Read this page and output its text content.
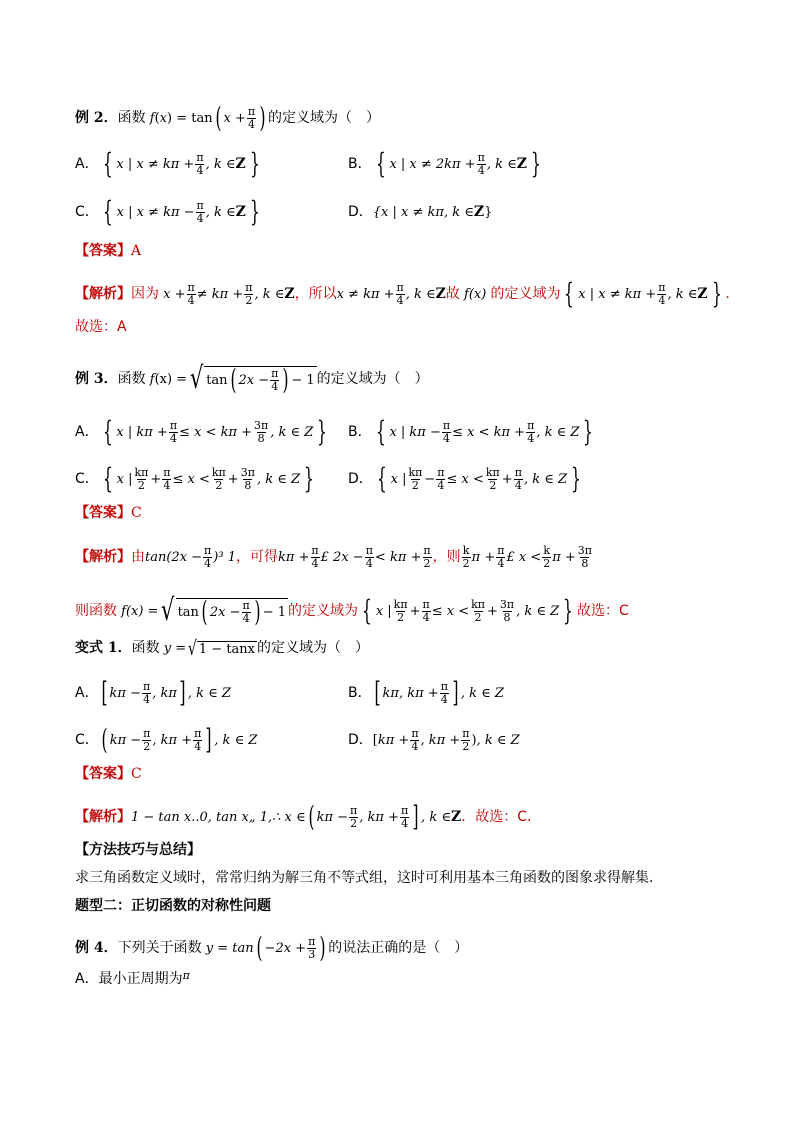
例 2． 函数 f ( x ) = tan ( $x + \frac{\pi}{4}$ ) 的定义域为（　）
A． { x | $x \ne k\pi + \frac{\pi}{4}$ , k ∈ Z }	B． { x | $x \ne 2k\pi + \frac{\pi}{4}$ , k ∈ Z }
C． { x | $x \ne k\pi - \frac{\pi}{4}$ , k ∈ Z }	D． {x | x ≠ kπ, k ∈ Z }
【答案】 A
【解析】 因为 $x + \frac{\pi}{4} \ne k\pi + \frac{\pi}{2}$ , k ∈ Z ，所以 $x \ne k\pi + \frac{\pi}{4}$ , k ∈ Z 故 f(x) 的定义域为 { x | $x \ne k\pi + \frac{\pi}{4}$ , k ∈ Z } .
故选：A
例 3． 函数 f (x) = √ tan ( $2x - \frac{\pi}{4}$ ) − 1 的定义域为（　）
A． { x | $k\pi + \frac{\pi}{4} \le x < k\pi + \frac{3\pi}{8}$ , k ∈ Z } B． { x | $k\pi - \frac{\pi}{4} \le x < k\pi + \frac{\pi}{4}$ , k ∈ Z }
C． { x | $\frac{k\pi}{2} + \frac{\pi}{4} \le x < \frac{k\pi}{2} + \frac{3\pi}{8}$ , k ∈ Z } D． { x | $\frac{k\pi}{2} - \frac{\pi}{4} \le x < \frac{k\pi}{2} + \frac{\pi}{4}$ , k ∈ Z }
【答案】 C
【解析】 由 $\tan(2x - \frac{\pi}{4} )^3$ 1 ，可得 $k\pi + \frac{\pi}{4}$ £ $2x - \frac{\pi}{4} < k\pi + \frac{\pi}{2}$ ，则 $\frac{k}{2}$ $\pi + \frac{\pi}{4}$ £ $x < \frac{k}{2}$ $\pi + \frac{3\pi}{8}$
则函数 f(x) = √ tan ( $2x - \frac{\pi}{4}$ ) − 1 的定义域为 { x | $\frac{k\pi}{2} + \frac{\pi}{4} \le x < \frac{k\pi}{2} + \frac{3\pi}{8}$ , k ∈ Z } 故选：C
变式 1． 函数 y = √ 1 − tanx 的定义域为（　）
A． [ $k\pi - \frac{\pi}{4}$ , kπ ] , k ∈ Z	B． [ kπ, $k\pi + \frac{\pi}{4}$ ] , k ∈ Z
C． ( $k\pi - \frac{\pi}{2}$ , $k\pi + \frac{\pi}{4}$ ] , k ∈ Z	D． [ $k\pi + \frac{\pi}{4}$ , $k\pi + \frac{\pi}{2}$ ) , k ∈ Z
【答案】 C
【解析】 1 − tan x..0, tan x„ 1,∴ x ∈ ( $k\pi - \frac{\pi}{2}$ , $k\pi + \frac{\pi}{4}$ ] , k ∈ Z ．故选：C.
【方法技巧与总结】
求三角函数定义域时，常常归纳为解三角不等式组，这时可利用基本三角函数的图象求得解集．
题型二：正切函数的对称性问题
例 4． 下列关于函数 y = tan ( $-2x + \frac{\pi}{3}$ ) 的说法正确的是（　）
A．最小正周期为 π
